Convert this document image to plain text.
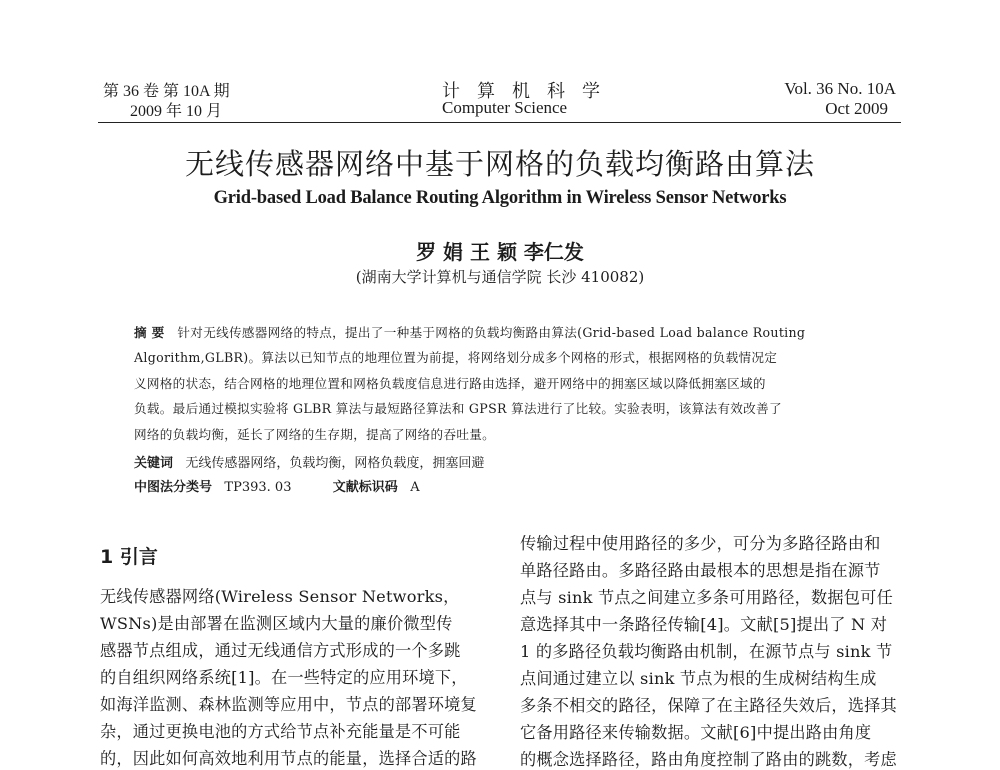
第 36 卷 第 10A 期
2009 年 10 月
计算机科学
Computer Science
Vol. 36 No. 10A
Oct 2009
无线传感器网络中基于网格的负载均衡路由算法
Grid-based Load Balance Routing Algorithm in Wireless Sensor Networks
罗 娟 王 颖 李仁发
(湖南大学计算机与通信学院 长沙 410082)
摘 要 针对无线传感器网络的特点，提出了一种基于网格的负载均衡路由算法(Grid-based Load balance Routing
Algorithm,GLBR)。算法以已知节点的地理位置为前提，将网络划分成多个网格的形式，根据网格的负载情况定
义网格的状态，结合网格的地理位置和网格负载度信息进行路由选择，避开网络中的拥塞区域以降低拥塞区域的
负载。最后通过模拟实验将 GLBR 算法与最短路径算法和 GPSR 算法进行了比较。实验表明，该算法有效改善了
网络的负载均衡，延长了网络的生存期，提高了网络的吞吐量。
关键词 无线传感器网络，负载均衡，网格负载度，拥塞回避
中图法分类号 TP393. 03	文献标识码 A
1 引言
无线传感器网络(Wireless Sensor Networks，
WSNs)是由部署在监测区域内大量的廉价微型传
感器节点组成，通过无线通信方式形成的一个多跳
的自组织网络系统[1]。在一些特定的应用环境下，
如海洋监测、森林监测等应用中，节点的部署环境复
杂，通过更换电池的方式给节点补充能量是不可能
的，因此如何高效地利用节点的能量，选择合适的路
传输过程中使用路径的多少，可分为多路径路由和
单路径路由。多路径路由最根本的思想是指在源节
点与 sink 节点之间建立多条可用路径，数据包可任
意选择其中一条路径传输[4]。文献[5]提出了 N 对
1 的多路径负载均衡路由机制，在源节点与 sink 节
点间通过建立以 sink 节点为根的生成树结构生成
多条不相交的路径，保障了在主路径失效后，选择其
它备用路径来传输数据。文献[6]中提出路由角度
的概念选择路径，路由角度控制了路由的跳数，考虑
